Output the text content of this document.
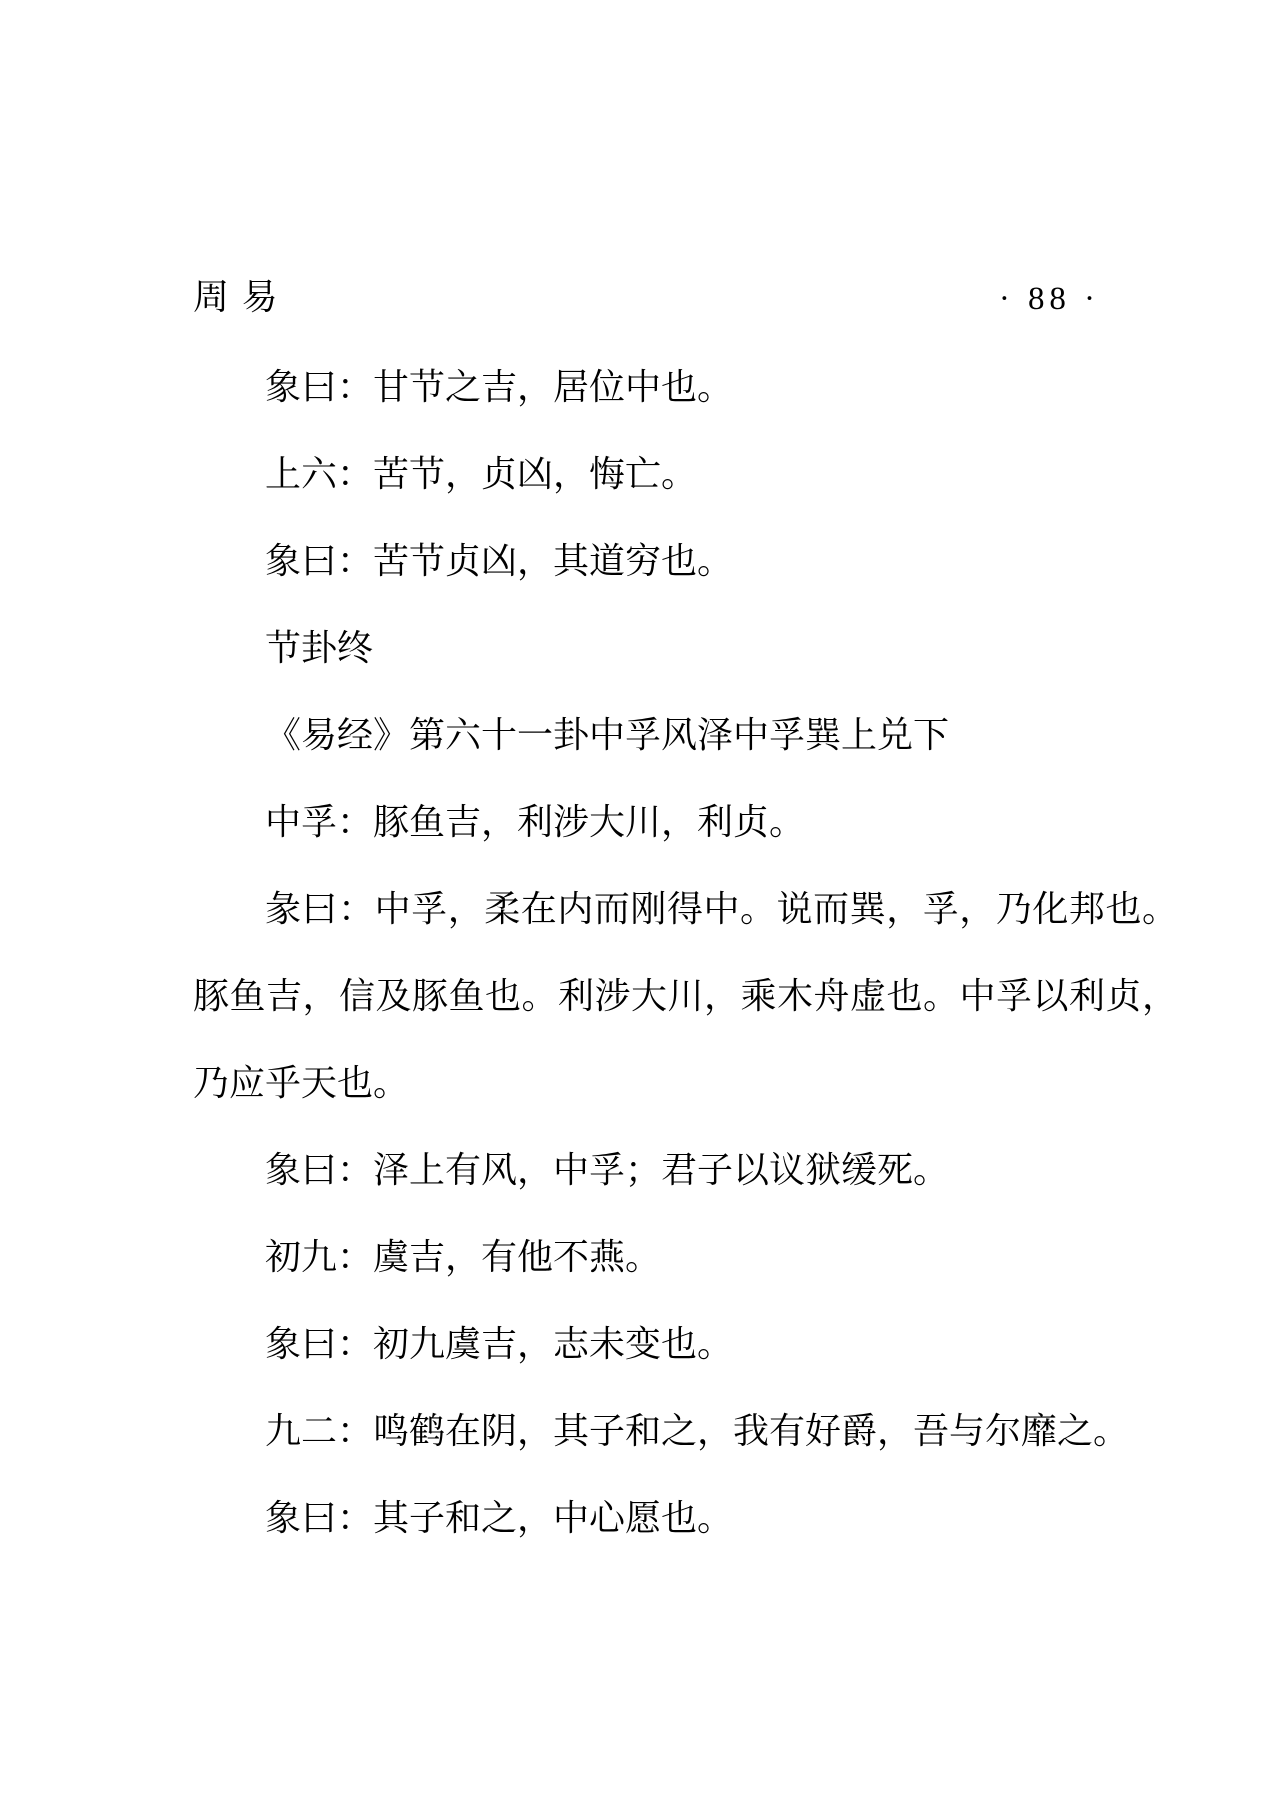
周易	· 88 ·

象曰：甘节之吉，居位中也。

上六：苦节，贞凶，悔亡。

象曰：苦节贞凶，其道穷也。

节卦终

《易经》第六十一卦中孚风泽中孚巽上兑下

中孚：豚鱼吉，利涉大川，利贞。

彖曰：中孚，柔在内而刚得中。说而巽，孚，乃化邦也。豚鱼吉，信及豚鱼也。利涉大川，乘木舟虚也。中孚以利贞，乃应乎天也。

象曰：泽上有风，中孚；君子以议狱缓死。

初九：虞吉，有他不燕。

象曰：初九虞吉，志未变也。

九二：鸣鹤在阴，其子和之，我有好爵，吾与尔靡之。

象曰：其子和之，中心愿也。
